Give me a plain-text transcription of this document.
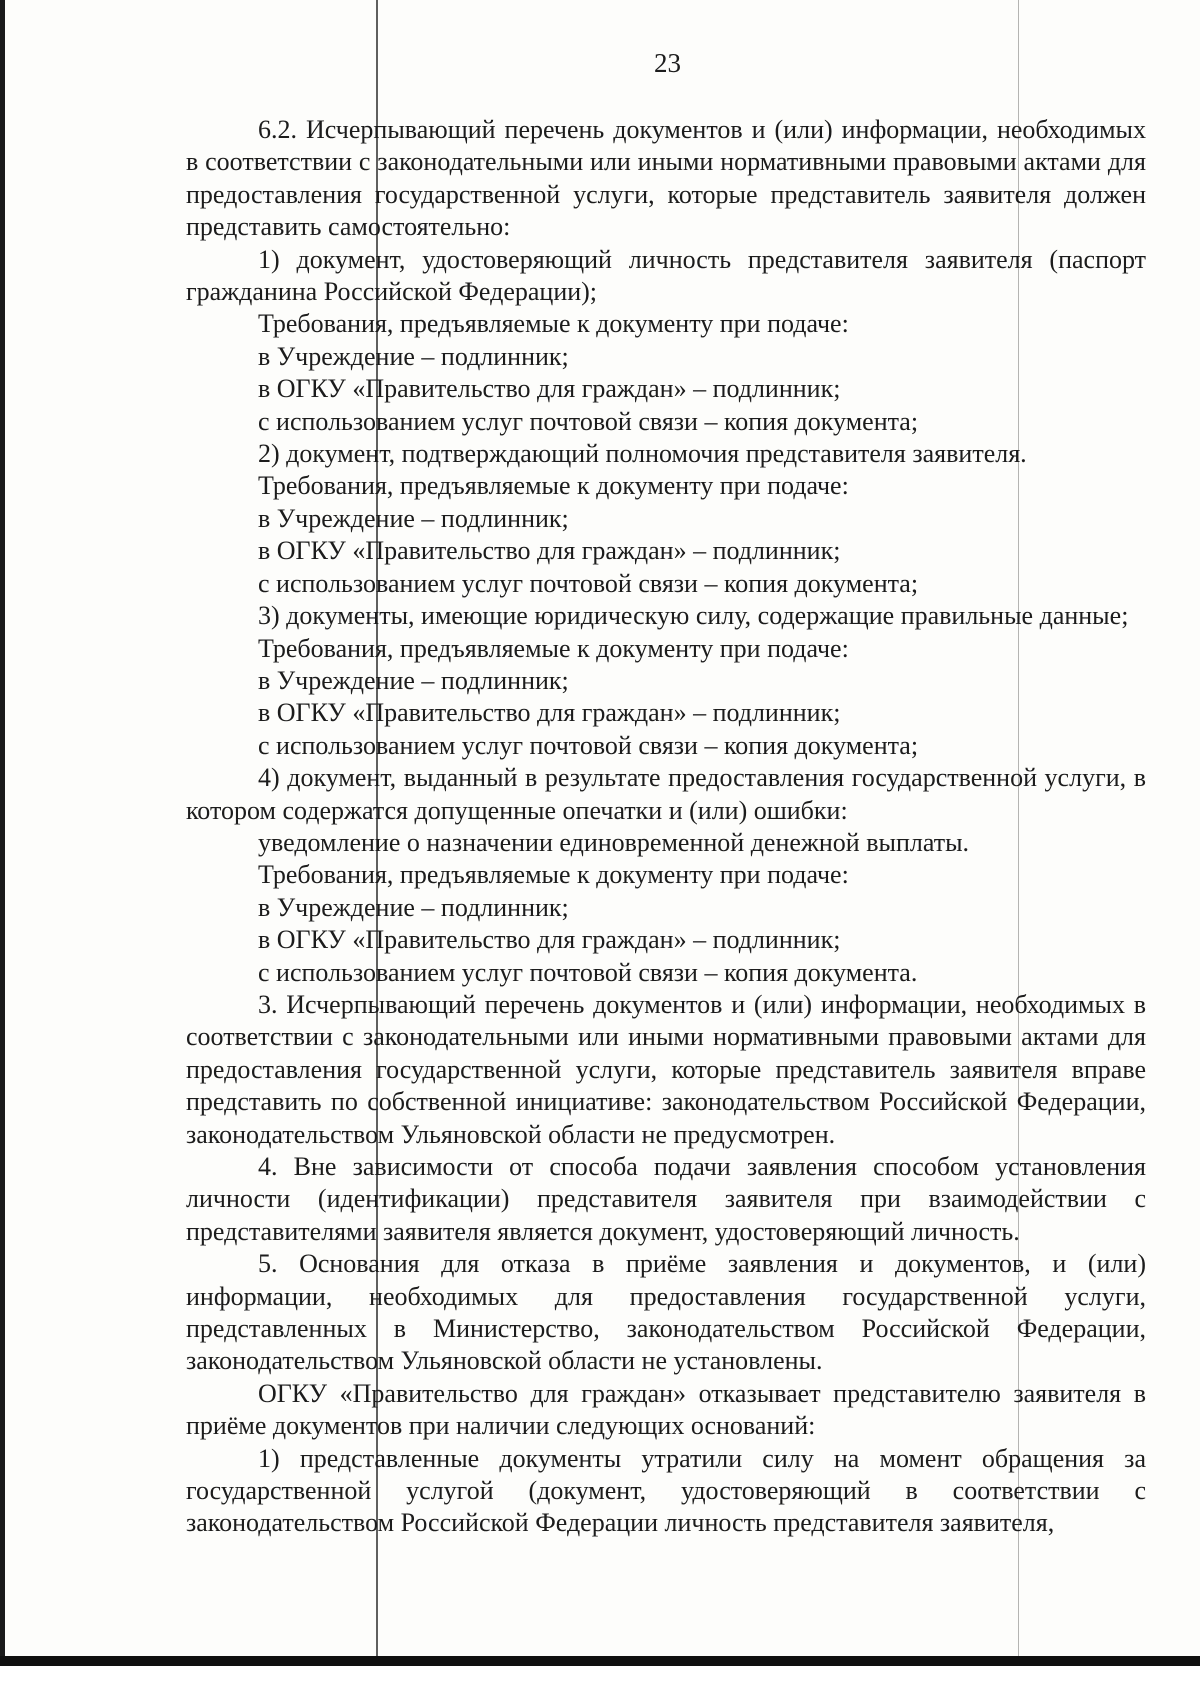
23

6.2. Исчерпывающий перечень документов и (или) информации, необходимых в соответствии с законодательными или иными нормативными правовыми актами для предоставления государственной услуги, которые представитель заявителя должен представить самостоятельно:

1) документ, удостоверяющий личность представителя заявителя (паспорт гражданина Российской Федерации);

Требования, предъявляемые к документу при подаче:

в Учреждение – подлинник;

в ОГКУ «Правительство для граждан» – подлинник;

с использованием услуг почтовой связи – копия документа;

2) документ, подтверждающий полномочия представителя заявителя.

Требования, предъявляемые к документу при подаче:

в Учреждение – подлинник;

в ОГКУ «Правительство для граждан» – подлинник;

с использованием услуг почтовой связи – копия документа;

3) документы, имеющие юридическую силу, содержащие правильные данные;

Требования, предъявляемые к документу при подаче:

в Учреждение – подлинник;

в ОГКУ «Правительство для граждан» – подлинник;

с использованием услуг почтовой связи – копия документа;

4) документ, выданный в результате предоставления государственной услуги, в котором содержатся допущенные опечатки и (или) ошибки:

уведомление о назначении единовременной денежной выплаты.

Требования, предъявляемые к документу при подаче:

в Учреждение – подлинник;

в ОГКУ «Правительство для граждан» – подлинник;

с использованием услуг почтовой связи – копия документа.

3. Исчерпывающий перечень документов и (или) информации, необходимых в соответствии с законодательными или иными нормативными правовыми актами для предоставления государственной услуги, которые представитель заявителя вправе представить по собственной инициативе: законодательством Российской Федерации, законодательством Ульяновской области не предусмотрен.

4. Вне зависимости от способа подачи заявления способом установления личности (идентификации) представителя заявителя при взаимодействии с представителями заявителя является документ, удостоверяющий личность.

5. Основания для отказа в приёме заявления и документов, и (или) информации, необходимых для предоставления государственной услуги, представленных в Министерство, законодательством Российской Федерации, законодательством Ульяновской области не установлены.

ОГКУ «Правительство для граждан» отказывает представителю заявителя в приёме документов при наличии следующих оснований:

1) представленные документы утратили силу на момент обращения за государственной услугой (документ, удостоверяющий в соответствии с законодательством Российской Федерации личность представителя заявителя,
